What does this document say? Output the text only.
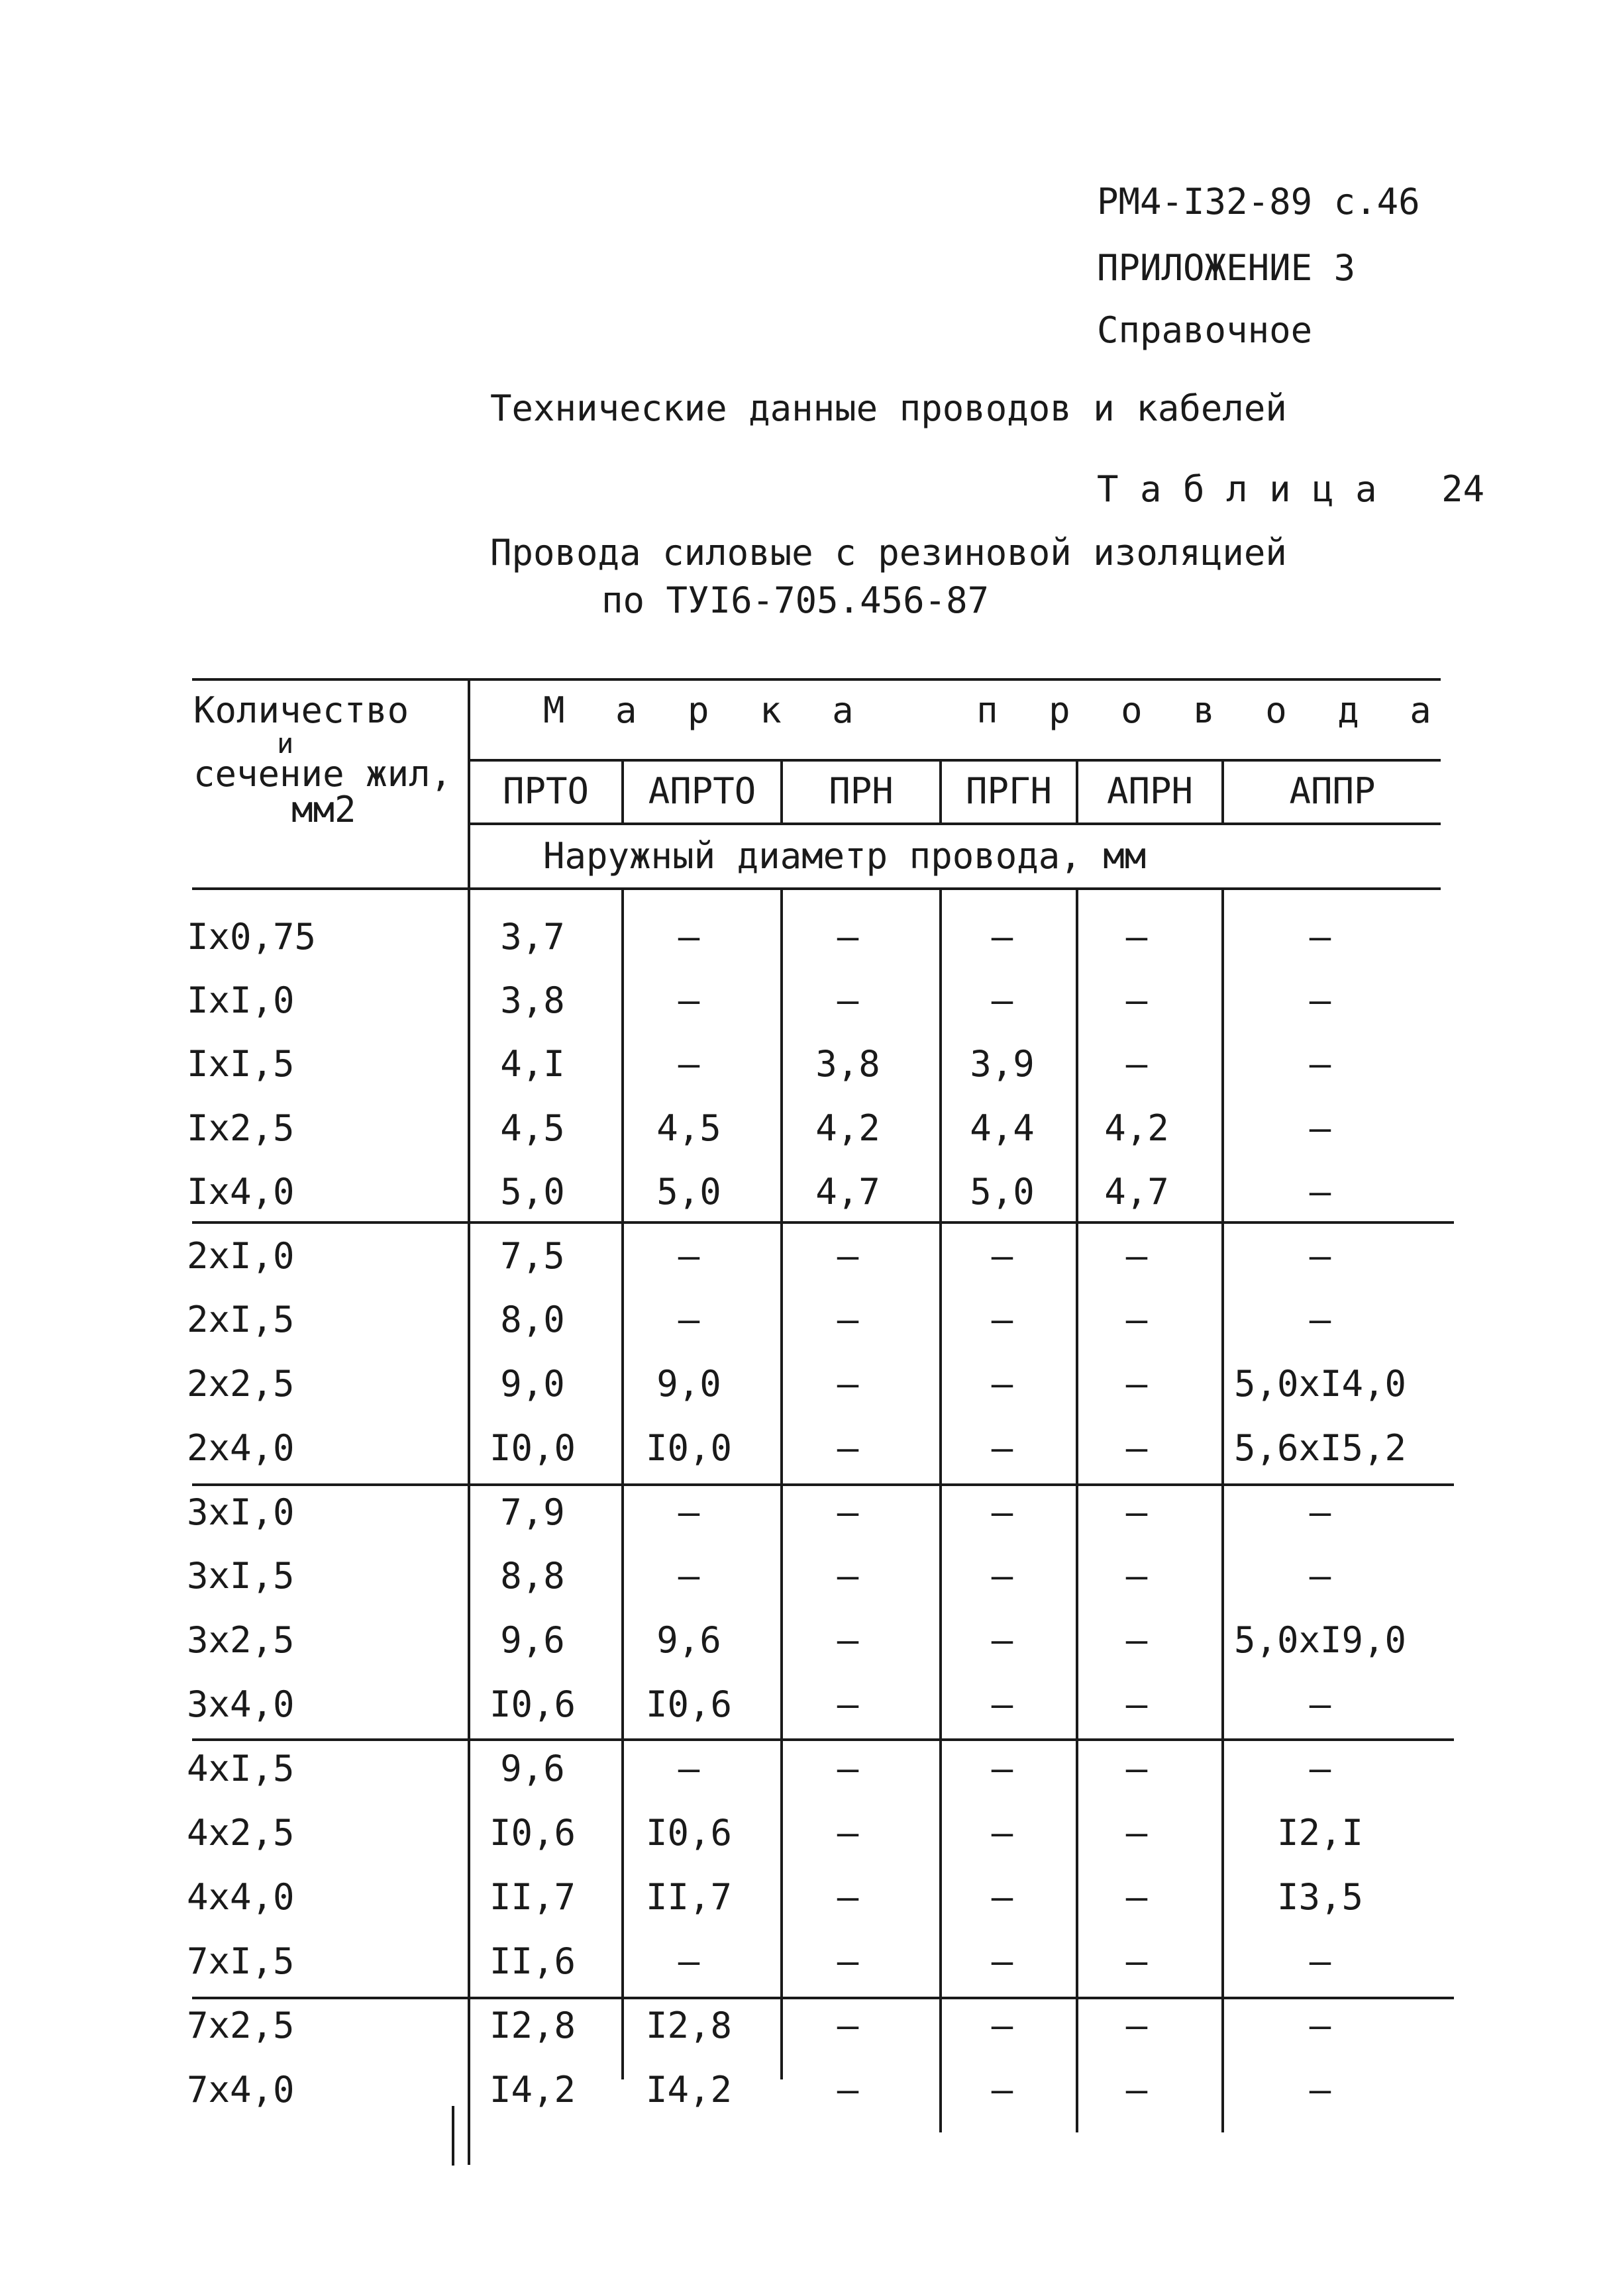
РМ4-I32-89 с.46
ПРИЛОЖЕНИЕ 3
Справочное
Технические данные проводов и кабелей
Т а б л и ц а   24
Провода силовые с резиновой изоляцией
по ТУI6-705.456-87
Количество
и
сечение жил,
мм2
М а р к а   п р о в о д а
ПРТО	АПРТО	ПРН	ПРГН	АПРН	АППР
Наружный диаметр провода, мм
Iх0,75	3,7	–	–	–	–	–
IхI,0	3,8	–	–	–	–	–
IхI,5	4,I	–	3,8	3,9	–	–
Iх2,5	4,5	4,5	4,2	4,4	4,2	–
Iх4,0	5,0	5,0	4,7	5,0	4,7	–
2хI,0	7,5	–	–	–	–	–
2хI,5	8,0	–	–	–	–	–
2х2,5	9,0	9,0	–	–	–	5,0хI4,0
2х4,0	I0,0	I0,0	–	–	–	5,6хI5,2
3хI,0	7,9	–	–	–	–	–
3хI,5	8,8	–	–	–	–	–
3х2,5	9,6	9,6	–	–	–	5,0хI9,0
3х4,0	I0,6	I0,6	–	–	–	–
4хI,5	9,6	–	–	–	–	–
4х2,5	I0,6	I0,6	–	–	–	I2,I
4х4,0	II,7	II,7	–	–	–	I3,5
7хI,5	II,6	–	–	–	–	–
7х2,5	I2,8	I2,8	–	–	–	–
7х4,0	I4,2	I4,2	–	–	–	–
